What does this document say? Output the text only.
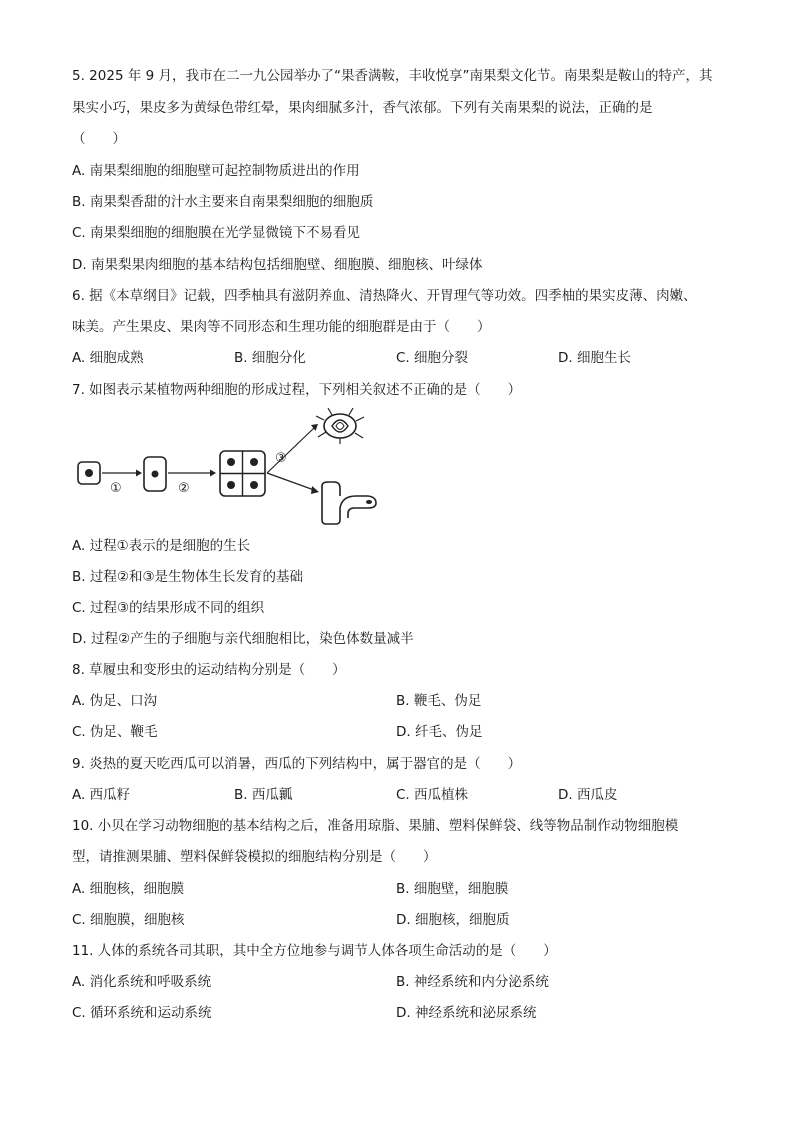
5. 2025 年 9 月，我市在二一九公园举办了“果香满鞍，丰收悦享”南果梨文化节。南果梨是鞍山的特产，其
果实小巧，果皮多为黄绿色带红晕，果肉细腻多汁，香气浓郁。下列有关南果梨的说法，正确的是
（　　）
A. 南果梨细胞的细胞壁可起控制物质进出的作用
B. 南果梨香甜的汁水主要来自南果梨细胞的细胞质
C. 南果梨细胞的细胞膜在光学显微镜下不易看见
D. 南果梨果肉细胞的基本结构包括细胞壁、细胞膜、细胞核、叶绿体
6. 据《本草纲目》记载，四季柚具有滋阴养血、清热降火、开胃理气等功效。四季柚的果实皮薄、肉嫩、
味美。产生果皮、果肉等不同形态和生理功能的细胞群是由于（　　）
A. 细胞成熟	B. 细胞分化	C. 细胞分裂	D. 细胞生长
7. 如图表示某植物两种细胞的形成过程，下列相关叙述不正确的是（　　）
①	②
③
A. 过程①表示的是细胞的生长
B. 过程②和③是生物体生长发育的基础
C. 过程③的结果形成不同的组织
D. 过程②产生的子细胞与亲代细胞相比，染色体数量减半
8. 草履虫和变形虫的运动结构分别是（　　）
A. 伪足、口沟	B. 鞭毛、伪足
C. 伪足、鞭毛	D. 纤毛、伪足
9. 炎热的夏天吃西瓜可以消暑，西瓜的下列结构中，属于器官的是（　　）
A. 西瓜籽	B. 西瓜瓤	C. 西瓜植株	D. 西瓜皮
10. 小贝在学习动物细胞的基本结构之后，准备用琼脂、果脯、塑料保鲜袋、线等物品制作动物细胞模
型，请推测果脯、塑料保鲜袋模拟的细胞结构分别是（　　）
A. 细胞核，细胞膜	B. 细胞壁，细胞膜
C. 细胞膜，细胞核	D. 细胞核，细胞质
11. 人体的系统各司其职，其中全方位地参与调节人体各项生命活动的是（　　）
A. 消化系统和呼吸系统	B. 神经系统和内分泌系统
C. 循环系统和运动系统	D. 神经系统和泌尿系统
